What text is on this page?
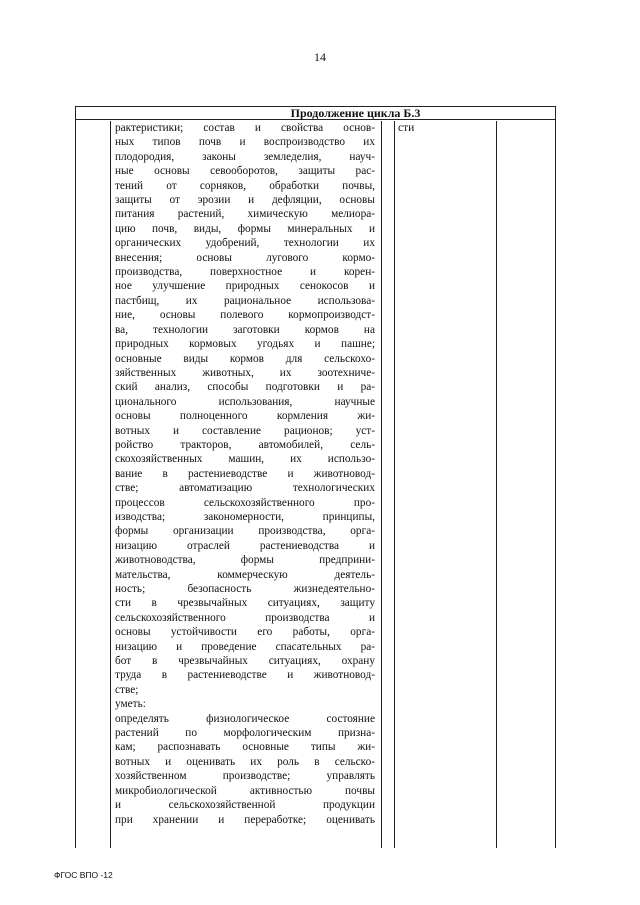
14
Продолжение цикла Б.3
рактеристики; состав и свойства основ-
ных типов почв и воспроизводство их
плодородия, законы земледелия, науч-
ные основы севооборотов, защиты рас-
тений от сорняков, обработки почвы,
защиты от эрозии и дефляции, основы
питания растений, химическую мелиора-
цию почв, виды, формы минеральных и
органических удобрений, технологии их
внесения; основы лугового кормо-
производства, поверхностное и корен-
ное улучшение природных сенокосов и
пастбищ, их рациональное использова-
ние, основы полевого кормопроизводст-
ва, технологии заготовки кормов на
природных кормовых угодьях и пашне;
основные виды кормов для сельскохо-
зяйственных животных, их зоотехниче-
ский анализ, способы подготовки и ра-
ционального использования, научные
основы полноценного кормления жи-
вотных и составление рационов; уст-
ройство тракторов, автомобилей, сель-
скохозяйственных машин, их использо-
вание в растениеводстве и животновод-
стве; автоматизацию технологических
процессов сельскохозяйственного про-
изводства; закономерности, принципы,
формы организации производства, орга-
низацию отраслей растениеводства и
животноводства, формы предприни-
мательства, коммерческую деятель-
ность; безопасность жизнедеятельно-
сти в чрезвычайных ситуациях, защиту
сельскохозяйственного производства и
основы устойчивости его работы, орга-
низацию и проведение спасательных ра-
бот в чрезвычайных ситуациях, охрану
труда в растениеводстве и животновод-
стве;
уметь:
определять физиологическое состояние
растений по морфологическим призна-
кам; распознавать основные типы жи-
вотных и оценивать их роль в сельско-
хозяйственном производстве; управлять
микробиологической активностью почвы
и сельскохозяйственной продукции
при хранении и переработке; оценивать
сти
ФГОС ВПО -12
